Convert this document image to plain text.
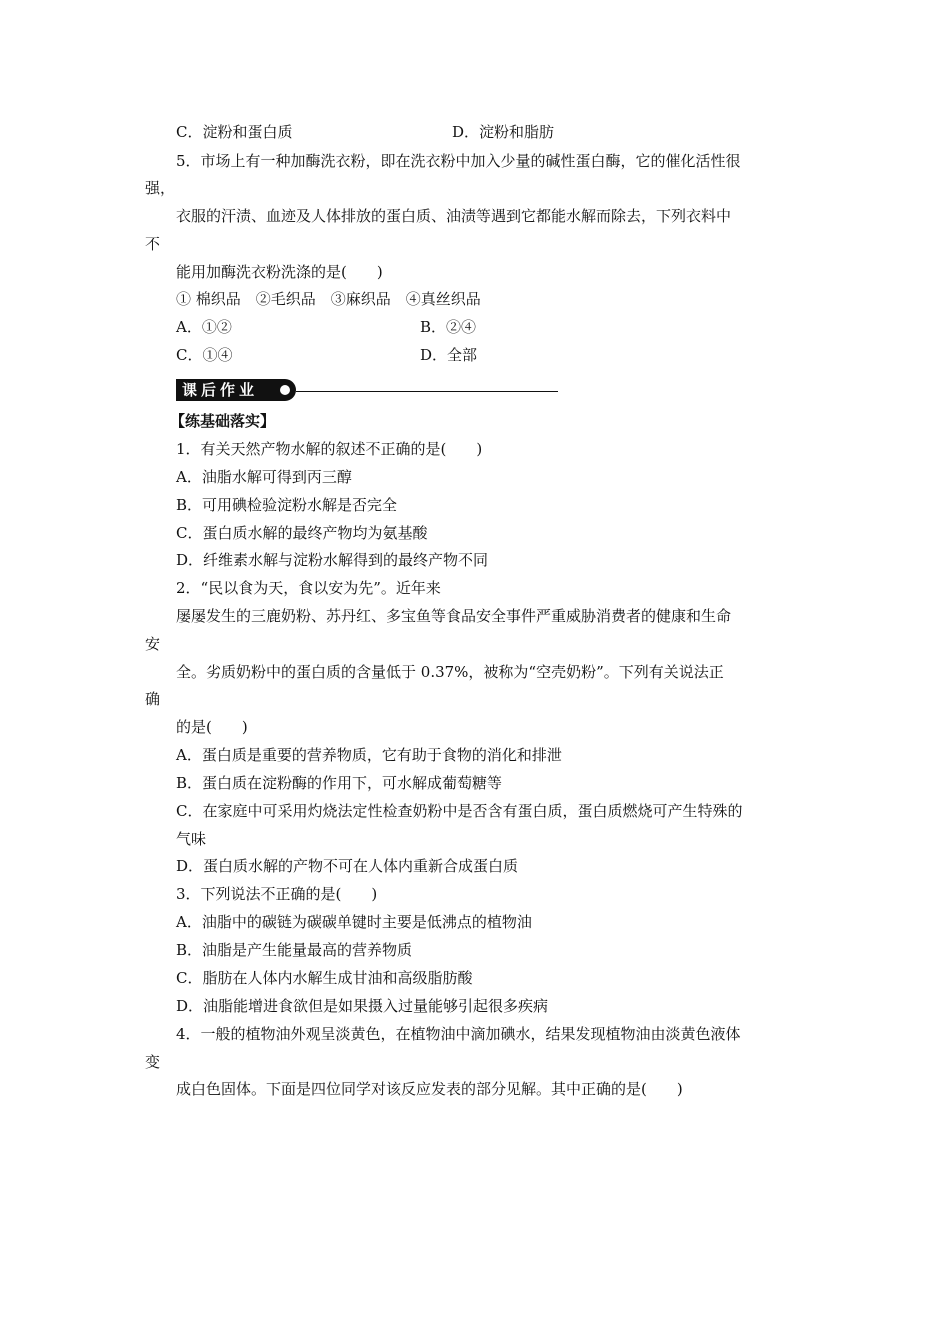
C．淀粉和蛋白质	D．淀粉和脂肪
5．市场上有一种加酶洗衣粉，即在洗衣粉中加入少量的碱性蛋白酶，它的催化活性很
强，
衣服的汗渍、血迹及人体排放的蛋白质、油渍等遇到它都能水解而除去，下列衣料中
不
能用加酶洗衣粉洗涤的是(　　)
① 棉织品　②毛织品　③麻织品　④真丝织品
A．①②	B．②④
C．①④	D．全部
课后作业
【练基础落实】
1．有关天然产物水解的叙述不正确的是(　　)
A．油脂水解可得到丙三醇
B．可用碘检验淀粉水解是否完全
C．蛋白质水解的最终产物均为氨基酸
D．纤维素水解与淀粉水解得到的最终产物不同
2．“民以食为天，食以安为先”。近年来
屡屡发生的三鹿奶粉、苏丹红、多宝鱼等食品安全事件严重威胁消费者的健康和生命
安
全。劣质奶粉中的蛋白质的含量低于 0.37%，被称为“空壳奶粉”。下列有关说法正
确
的是(　　)
A．蛋白质是重要的营养物质，它有助于食物的消化和排泄
B．蛋白质在淀粉酶的作用下，可水解成葡萄糖等
C．在家庭中可采用灼烧法定性检查奶粉中是否含有蛋白质，蛋白质燃烧可产生特殊的
气味
D．蛋白质水解的产物不可在人体内重新合成蛋白质
3．下列说法不正确的是(　　)
A．油脂中的碳链为碳碳单键时主要是低沸点的植物油
B．油脂是产生能量最高的营养物质
C．脂肪在人体内水解生成甘油和高级脂肪酸
D．油脂能增进食欲但是如果摄入过量能够引起很多疾病
4．一般的植物油外观呈淡黄色，在植物油中滴加碘水，结果发现植物油由淡黄色液体
变
成白色固体。下面是四位同学对该反应发表的部分见解。其中正确的是(　　)
